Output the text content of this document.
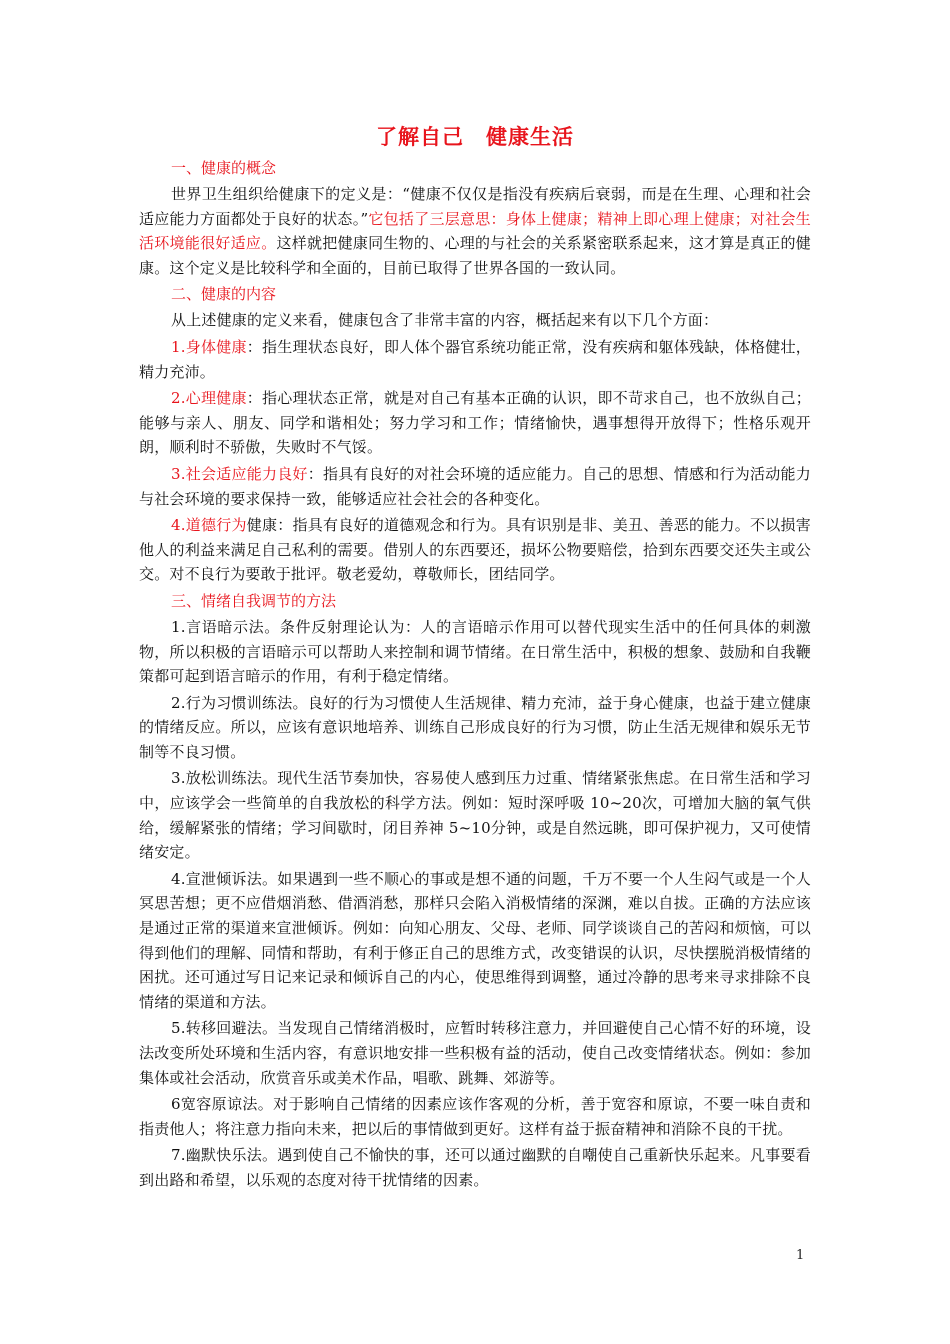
了解自己　健康生活
一、健康的概念

世界卫生组织给健康下的定义是：“健康不仅仅是指没有疾病后衰弱，而是在生理、心理和社会适应能力方面都处于良好的状态。”它包括了三层意思：身体上健康；精神上即心理上健康；对社会生活环境能很好适应。这样就把健康同生物的、心理的与社会的关系紧密联系起来，这才算是真正的健康。这个定义是比较科学和全面的，目前已取得了世界各国的一致认同。

二、健康的内容

从上述健康的定义来看，健康包含了非常丰富的内容，概括起来有以下几个方面：

1.身体健康：指生理状态良好，即人体个器官系统功能正常，没有疾病和躯体残缺，体格健壮，精力充沛。

2.心理健康：指心理状态正常，就是对自己有基本正确的认识，即不苛求自己，也不放纵自己；能够与亲人、朋友、同学和谐相处；努力学习和工作；情绪愉快，遇事想得开放得下；性格乐观开朗，顺利时不骄傲，失败时不气馁。

3.社会适应能力良好：指具有良好的对社会环境的适应能力。自己的思想、情感和行为活动能力与社会环境的要求保持一致，能够适应社会社会的各种变化。

4.道德行为健康：指具有良好的道德观念和行为。具有识别是非、美丑、善恶的能力。不以损害他人的利益来满足自己私利的需要。借别人的东西要还，损坏公物要赔偿，拾到东西要交还失主或公交。对不良行为要敢于批评。敬老爱幼，尊敬师长，团结同学。

三、情绪自我调节的方法

1.言语暗示法。条件反射理论认为：人的言语暗示作用可以替代现实生活中的任何具体的刺激物，所以积极的言语暗示可以帮助人来控制和调节情绪。在日常生活中，积极的想象、鼓励和自我鞭策都可起到语言暗示的作用，有利于稳定情绪。

2.行为习惯训练法。良好的行为习惯使人生活规律、精力充沛，益于身心健康，也益于建立健康的情绪反应。所以，应该有意识地培养、训练自己形成良好的行为习惯，防止生活无规律和娱乐无节制等不良习惯。

3.放松训练法。现代生活节奏加快，容易使人感到压力过重、情绪紧张焦虑。在日常生活和学习中，应该学会一些简单的自我放松的科学方法。例如：短时深呼吸 10~20次，可增加大脑的氧气供给，缓解紧张的情绪；学习间歇时，闭目养神 5~10分钟，或是自然远眺，即可保护视力，又可使情绪安定。

4.宣泄倾诉法。如果遇到一些不顺心的事或是想不通的问题，千万不要一个人生闷气或是一个人冥思苦想；更不应借烟消愁、借酒消愁，那样只会陷入消极情绪的深渊，难以自拔。正确的方法应该是通过正常的渠道来宣泄倾诉。例如：向知心朋友、父母、老师、同学谈谈自己的苦闷和烦恼，可以得到他们的理解、同情和帮助，有利于修正自己的思维方式，改变错误的认识，尽快摆脱消极情绪的困扰。还可通过写日记来记录和倾诉自己的内心，使思维得到调整，通过冷静的思考来寻求排除不良情绪的渠道和方法。

5.转移回避法。当发现自己情绪消极时，应暂时转移注意力，并回避使自己心情不好的环境，设法改变所处环境和生活内容，有意识地安排一些积极有益的活动，使自己改变情绪状态。例如：参加集体或社会活动，欣赏音乐或美术作品，唱歌、跳舞、郊游等。

6宽容原谅法。对于影响自己情绪的因素应该作客观的分析，善于宽容和原谅，不要一味自责和指责他人；将注意力指向未来，把以后的事情做到更好。这样有益于振奋精神和消除不良的干扰。

7.幽默快乐法。遇到使自己不愉快的事，还可以通过幽默的自嘲使自己重新快乐起来。凡事要看到出路和希望，以乐观的态度对待干扰情绪的因素。

1
